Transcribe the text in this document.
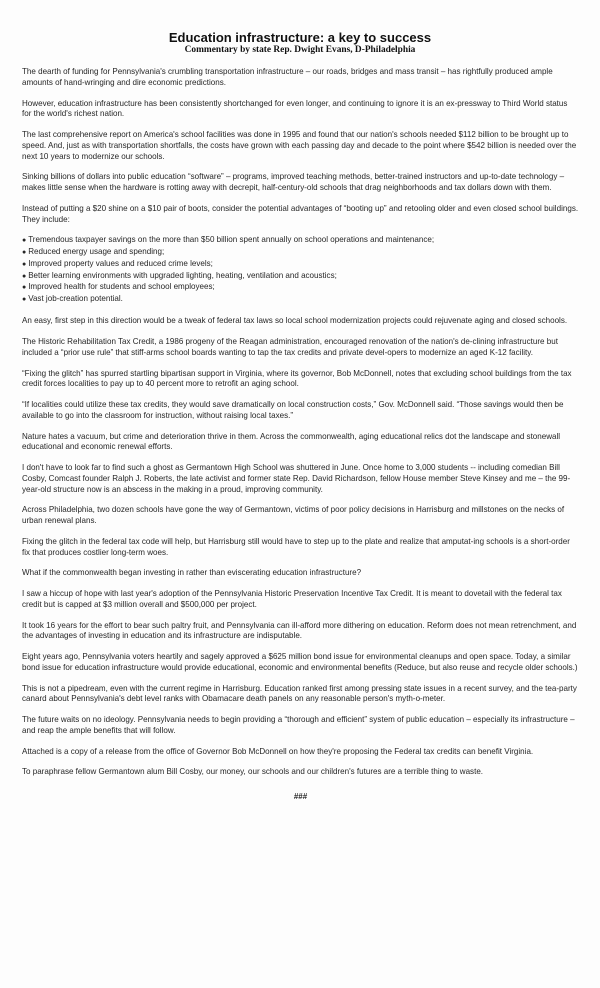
Education infrastructure: a key to success
Commentary by state Rep. Dwight Evans, D-Philadelphia

The dearth of funding for Pennsylvania's crumbling transportation infrastructure – our roads, bridges and mass transit – has rightfully produced ample amounts of hand-wringing and dire economic predictions.

However, education infrastructure has been consistently shortchanged for even longer, and continuing to ignore it is an ex-pressway to Third World status for the world's richest nation.

The last comprehensive report on America's school facilities was done in 1995 and found that our nation's schools needed $112 billion to be brought up to speed. And, just as with transportation shortfalls, the costs have grown with each passing day and decade to the point where $542 billion is needed over the next 10 years to modernize our schools.

Sinking billions of dollars into public education “software” – programs, improved teaching methods, better-trained instructors and up-to-date technology – makes little sense when the hardware is rotting away with decrepit, half-century-old schools that drag neighborhoods and tax dollars down with them.

Instead of putting a $20 shine on a $10 pair of boots, consider the potential advantages of “booting up” and retooling older and even closed school buildings. They include:

● Tremendous taxpayer savings on the more than $50 billion spent annually on school operations and maintenance;
● Reduced energy usage and spending;
● Improved property values and reduced crime levels;
● Better learning environments with upgraded lighting, heating, ventilation and acoustics;
● Improved health for students and school employees;
● Vast job-creation potential.

An easy, first step in this direction would be a tweak of federal tax laws so local school modernization projects could rejuvenate aging and closed schools.

The Historic Rehabilitation Tax Credit, a 1986 progeny of the Reagan administration, encouraged renovation of the nation's de-clining infrastructure but included a “prior use rule” that stiff-arms school boards wanting to tap the tax credits and private devel-opers to modernize an aged K-12 facility.

“Fixing the glitch” has spurred startling bipartisan support in Virginia, where its governor, Bob McDonnell, notes that excluding school buildings from the tax credit forces localities to pay up to 40 percent more to retrofit an aging school.

“If localities could utilize these tax credits, they would save dramatically on local construction costs,” Gov. McDonnell said. “Those savings would then be available to go into the classroom for instruction, without raising local taxes.”

Nature hates a vacuum, but crime and deterioration thrive in them. Across the commonwealth, aging educational relics dot the landscape and stonewall educational and economic renewal efforts.

I don't have to look far to find such a ghost as Germantown High School was shuttered in June. Once home to 3,000 students -- including comedian Bill Cosby, Comcast founder Ralph J. Roberts, the late activist and former state Rep. David Richardson, fellow House member Steve Kinsey and me – the 99-year-old structure now is an abscess in the making in a proud, improving community.

Across Philadelphia, two dozen schools have gone the way of Germantown, victims of poor policy decisions in Harrisburg and millstones on the necks of urban renewal plans.

Fixing the glitch in the federal tax code will help, but Harrisburg still would have to step up to the plate and realize that amputat-ing schools is a short-order fix that produces costlier long-term woes.

What if the commonwealth began investing in rather than eviscerating education infrastructure?

I saw a hiccup of hope with last year's adoption of the Pennsylvania Historic Preservation Incentive Tax Credit. It is meant to dovetail with the federal tax credit but is capped at $3 million overall and $500,000 per project.

It took 16 years for the effort to bear such paltry fruit, and Pennsylvania can ill-afford more dithering on education. Reform does not mean retrenchment, and the advantages of investing in education and its infrastructure are indisputable.

Eight years ago, Pennsylvania voters heartily and sagely approved a $625 million bond issue for environmental cleanups and open space. Today, a similar bond issue for education infrastructure would provide educational, economic and environmental benefits (Reduce, but also reuse and recycle older schools.)

This is not a pipedream, even with the current regime in Harrisburg. Education ranked first among pressing state issues in a recent survey, and the tea-party canard about Pennsylvania's debt level ranks with Obamacare death panels on any reasonable person's myth-o-meter.

The future waits on no ideology. Pennsylvania needs to begin providing a “thorough and efficient” system of public education – especially its infrastructure – and reap the ample benefits that will follow.

Attached is a copy of a release from the office of Governor Bob McDonnell on how they're proposing the Federal tax credits can benefit Virginia.

To paraphrase fellow Germantown alum Bill Cosby, our money, our schools and our children's futures are a terrible thing to waste.

###
